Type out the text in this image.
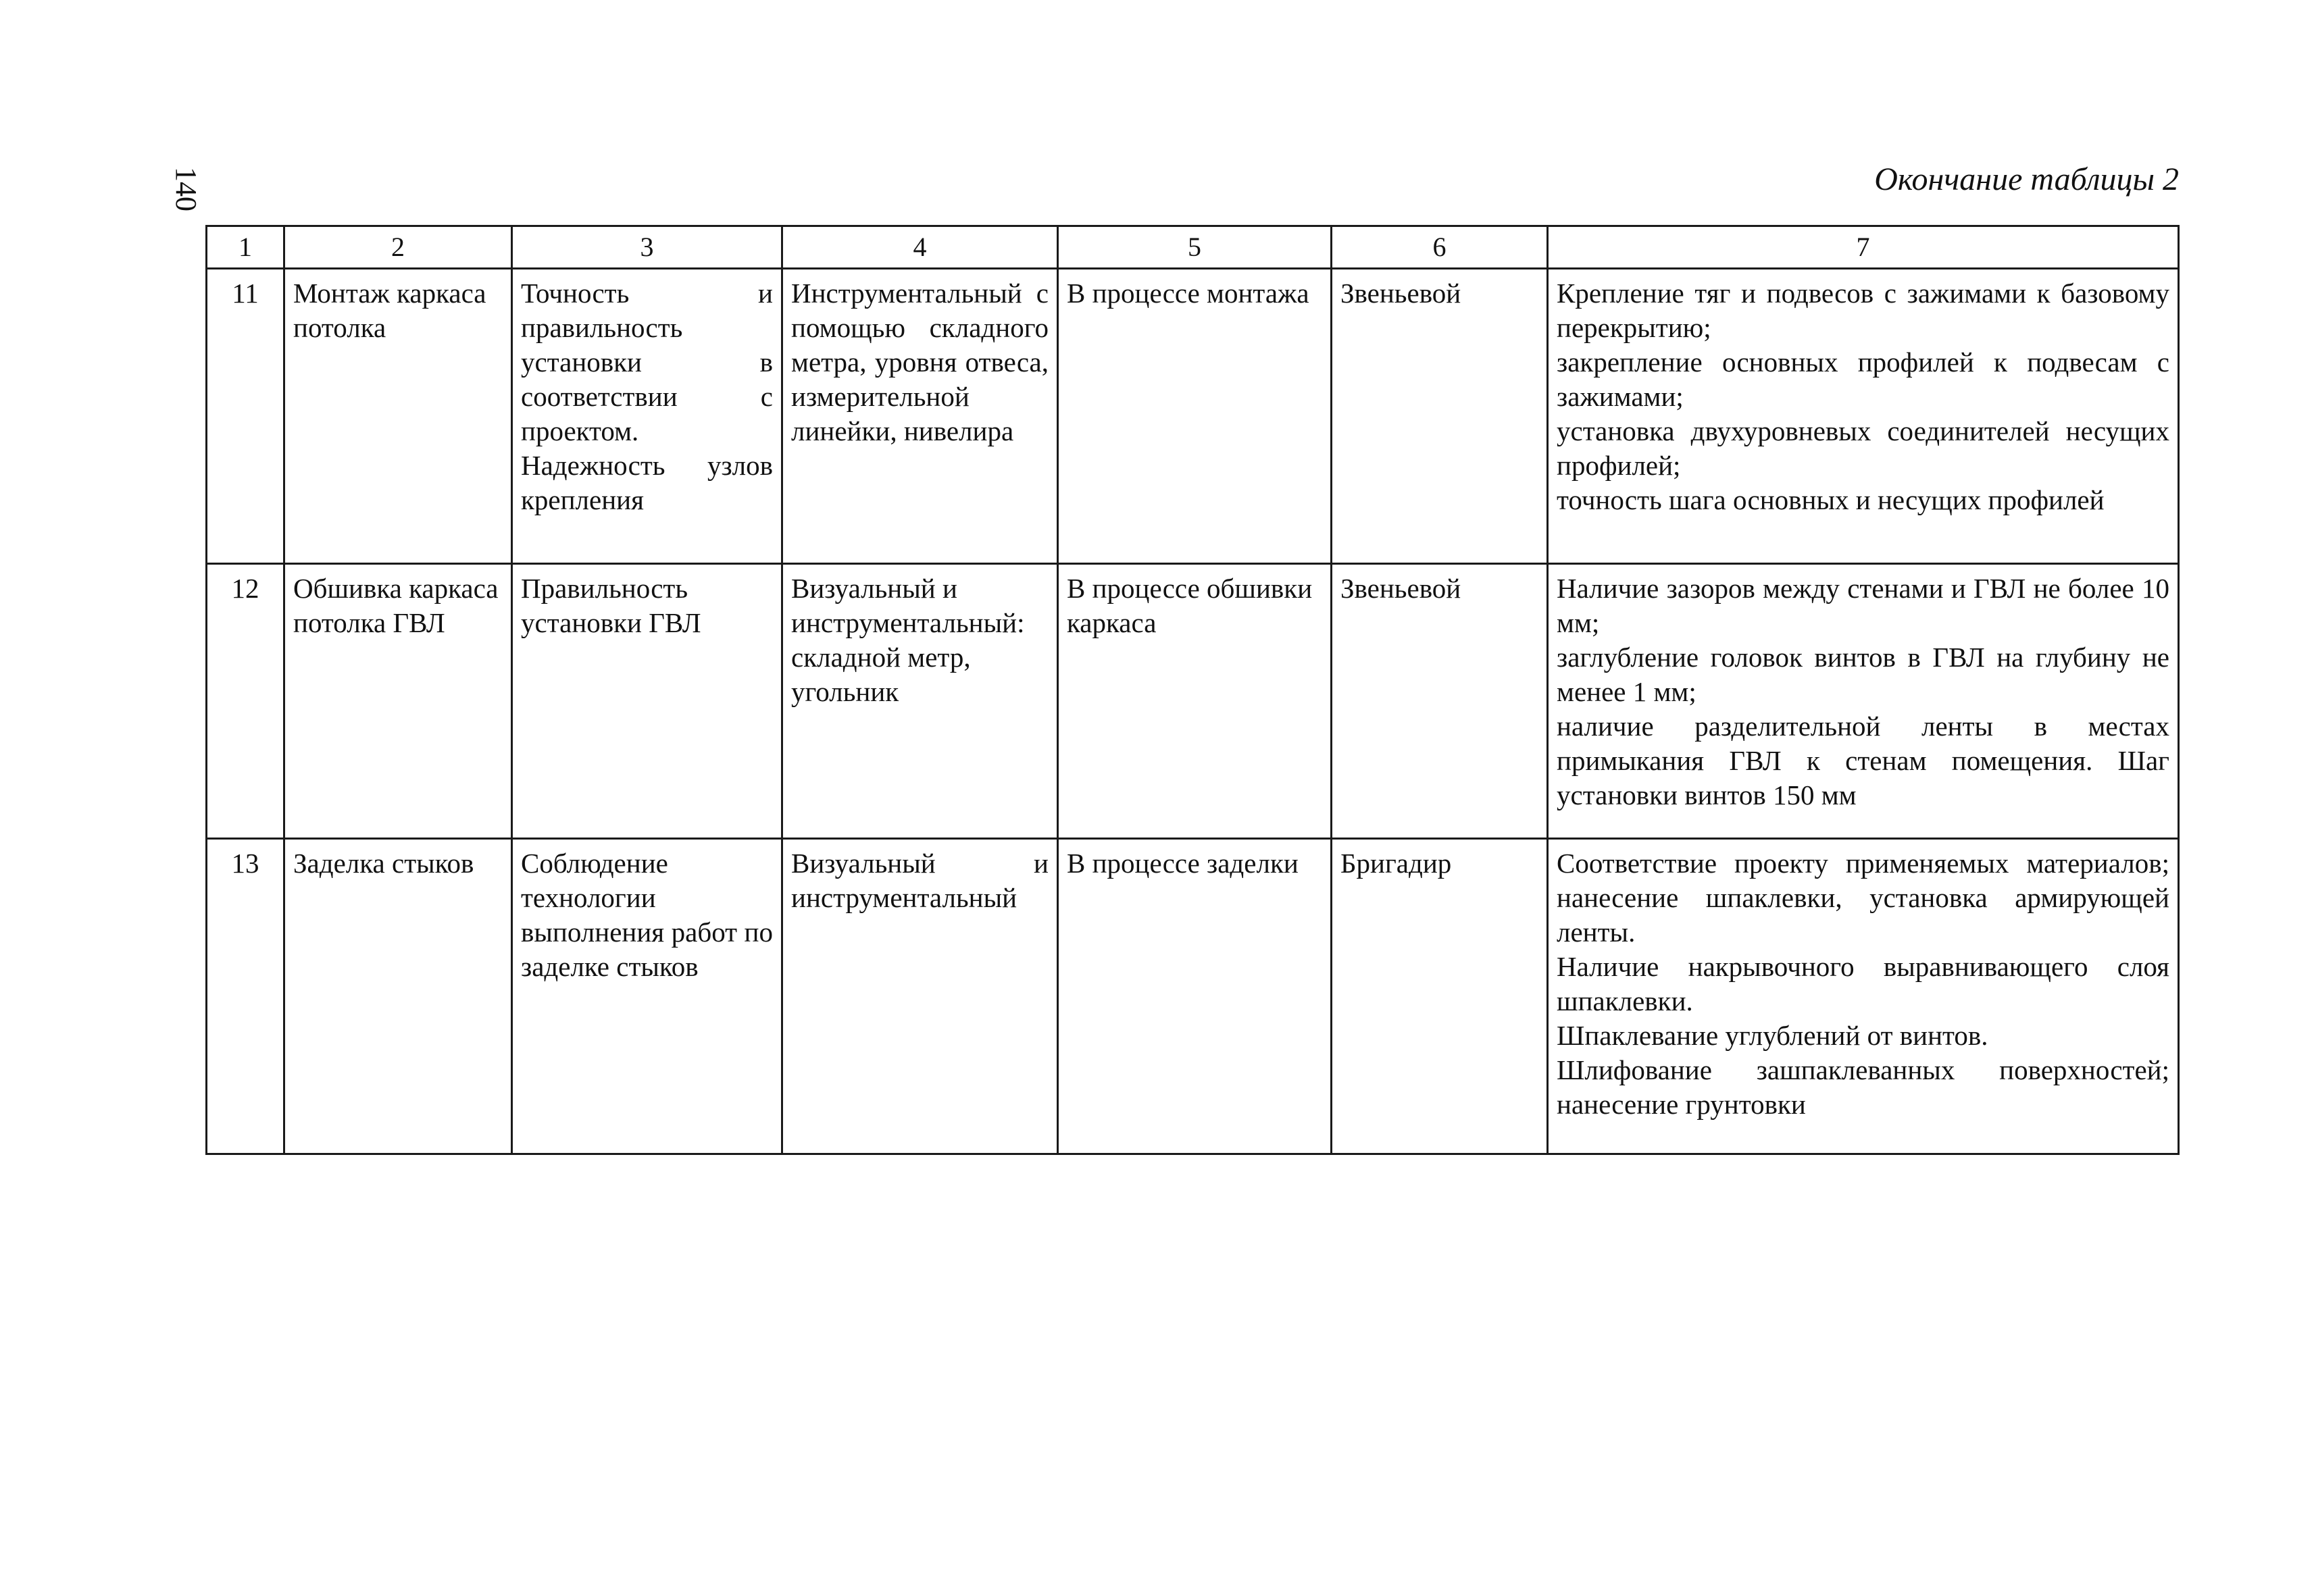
140	Окончание таблицы 2
1	2	3	4	5	6	7
11	Монтаж каркаса потолка	Точность и правильность установки в соответствии с проектом. Надежность узлов крепления	Инструментальный с помощью складного метра, уровня отвеса, измерительной линейки, нивелира	В процессе монтажа	Звеньевой	Крепление тяг и подвесов с зажимами к базовому перекрытию;
закрепление основных профилей к подвесам с зажимами;
установка двухуровневых соединителей несущих профилей;
точность шага основных и несущих профилей

12	Обшивка каркаса потолка ГВЛ	Правильность установки ГВЛ	Визуальный и инструментальный: складной метр, угольник	В процессе обшивки каркаса	Звеньевой	Наличие зазоров между стенами и ГВЛ не более 10 мм;
заглубление головок винтов в ГВЛ на глубину не менее 1 мм;
наличие разделительной ленты в местах примыкания ГВЛ к стенам помещения. Шаг установки винтов 150 мм

13	Заделка стыков	Соблюдение технологии выполнения работ по заделке стыков	Визуальный и инструментальный	В процессе заделки	Бригадир	Соответствие проекту применяемых материалов; нанесение шпаклевки, установка армирующей ленты.
Наличие накрывочного выравнивающего слоя шпаклевки.
Шпаклевание углублений от винтов.
Шлифование зашпаклеванных поверхностей; нанесение грунтовки
